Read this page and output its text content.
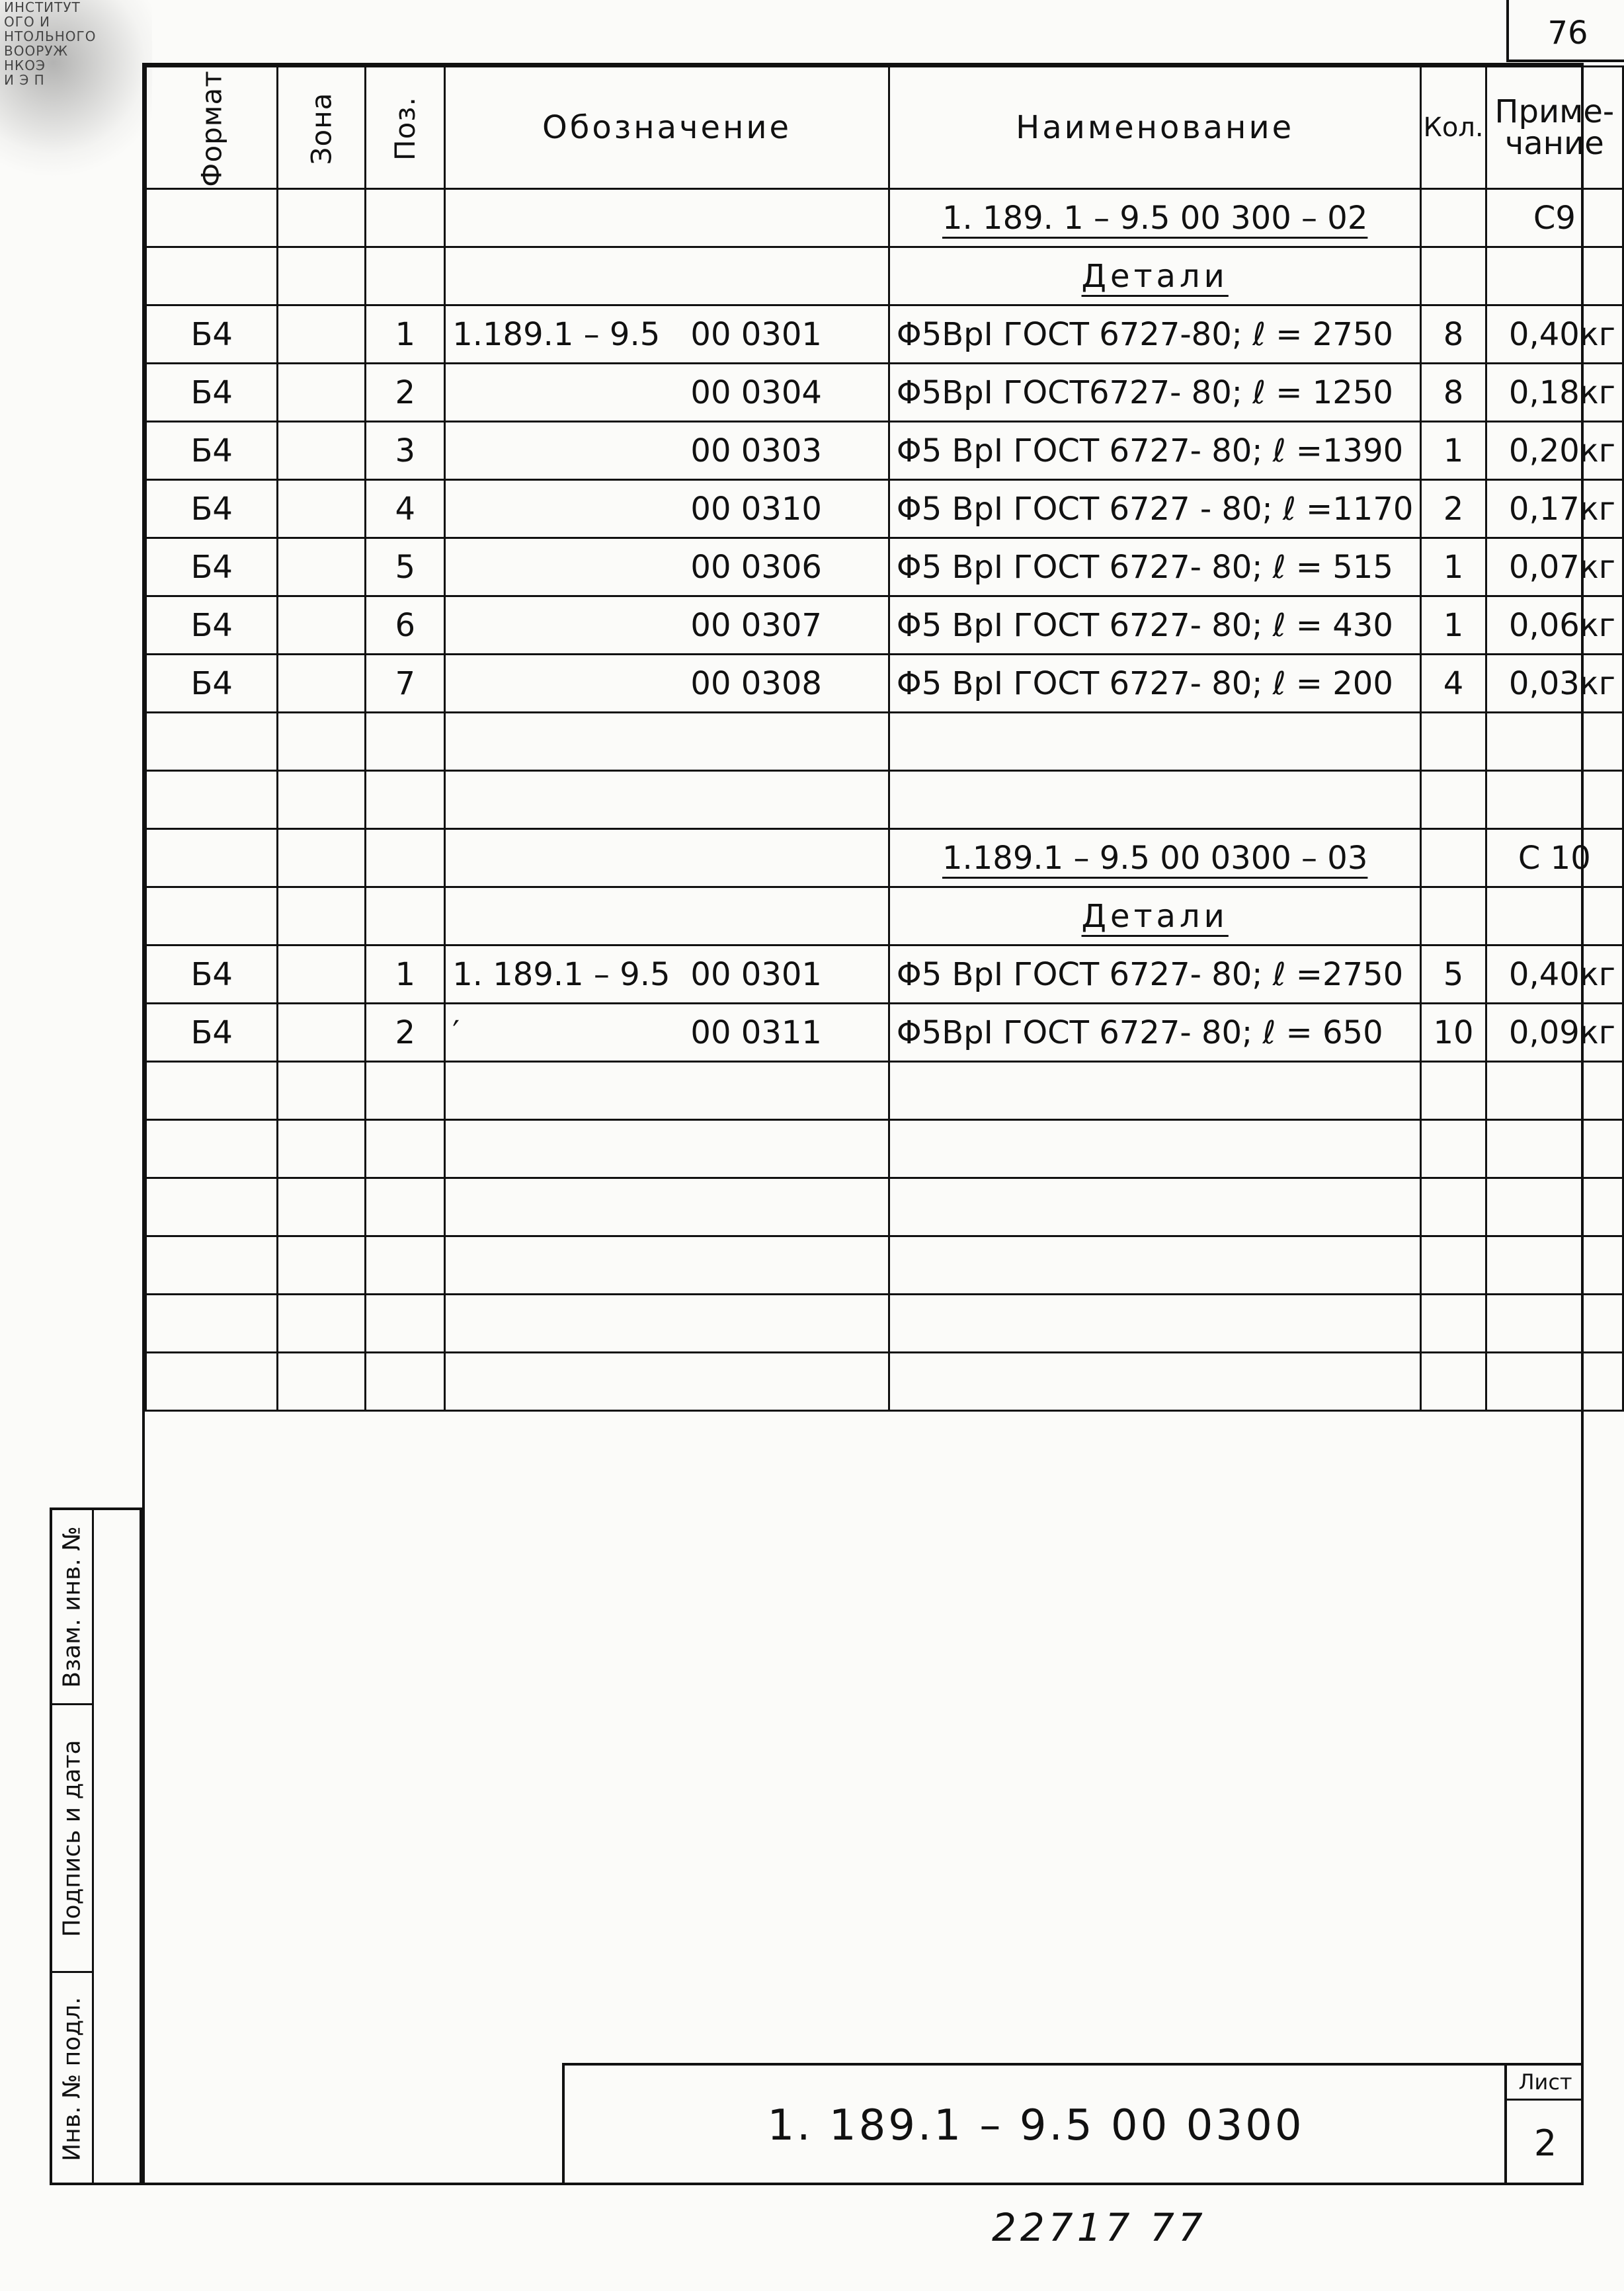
ИНСТИТУТ
ОГО И
НТОЛЬНОГО
ВООРУЖ
НКОЭ
И Э П
76
Формат	Зона	Поз.	Обозначение	Наименование	Кол.	Приме-чание

	1. 189. 1 – 9.5 00 300 – 02		С9

	Детали		
Б4		1	1.189.1 – 9.5 00 0301	Φ5ВрI ГОСТ 6727-80; ℓ = 2750	8	0,40кг
Б4		2	00 0304	Φ5ВрI ГОСТ6727- 80; ℓ = 1250	8	0,18кг
Б4		3	00 0303	Φ5 ВрI ГОСТ 6727- 80; ℓ =1390	1	0,20кг
Б4		4	00 0310	Φ5 ВрI ГОСТ 6727 - 80; ℓ =1170	2	0,17кг
Б4		5	00 0306	Φ5 ВрI ГОСТ 6727- 80; ℓ = 515	1	0,07кг
Б4		6	00 0307	Φ5 ВрI ГОСТ 6727- 80; ℓ = 430	1	0,06кг
Б4		7	00 0308	Φ5 ВрI ГОСТ 6727- 80; ℓ = 200	4	0,03кг

	1.189.1 – 9.5 00 0300 – 03		С 10

	Детали		
Б4		1	1. 189.1 – 9.5 00 0301	Φ5 ВрI ГОСТ 6727- 80; ℓ =2750	5	0,40кг
Б4		2	′ 00 0311	Φ5ВрI ГОСТ 6727- 80; ℓ = 650	10	0,09кг

Взам. инв. №
Подпись и дата
Инв. № подл.	1. 189.1 – 9.5 00 0300
Лист
2
22717 77
